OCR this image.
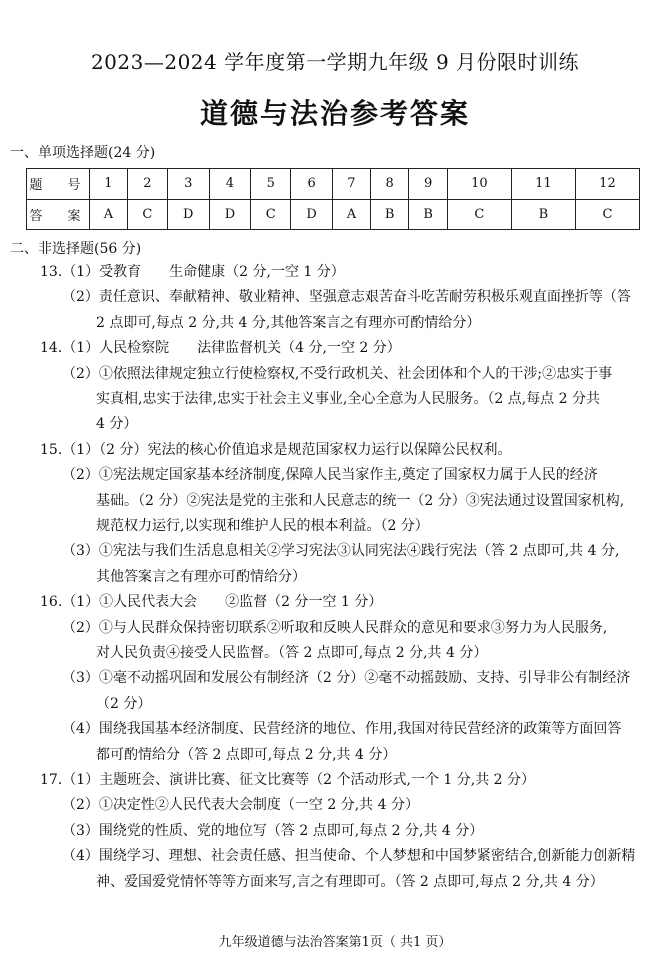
2023—2024 学年度第一学期九年级 9 月份限时训练
道德与法治参考答案
一、单项选择题(24 分)
题　号	1	2	3	4	5	6	7	8	9	10	11	12
答　案	A	C	D	D	C	D	A	B	B	C	B	C
二、非选择题(56 分)
13.（1）受教育　　生命健康（2 分,一空 1 分）
（2）责任意识、奉献精神、敬业精神、坚强意志艰苦奋斗吃苦耐劳积极乐观直面挫折等（答
2 点即可,每点 2 分,共 4 分,其他答案言之有理亦可酌情给分）
14.（1）人民检察院　　法律监督机关（4 分,一空 2 分）
（2）①依照法律规定独立行使检察权,不受行政机关、社会团体和个人的干涉;②忠实于事
实真相,忠实于法律,忠实于社会主义事业,全心全意为人民服务。（2 点,每点 2 分共
4 分）
15.（1）（2 分）宪法的核心价值追求是规范国家权力运行以保障公民权利。
（2）①宪法规定国家基本经济制度,保障人民当家作主,奠定了国家权力属于人民的经济
基础。（2 分）②宪法是党的主张和人民意志的统一（2 分）③宪法通过设置国家机构,
规范权力运行,以实现和维护人民的根本利益。（2 分）
（3）①宪法与我们生活息息相关②学习宪法③认同宪法④践行宪法（答 2 点即可,共 4 分,
其他答案言之有理亦可酌情给分）
16.（1）①人民代表大会　　②监督（2 分一空 1 分）
（2）①与人民群众保持密切联系②听取和反映人民群众的意见和要求③努力为人民服务,
对人民负责④接受人民监督。（答 2 点即可,每点 2 分,共 4 分）
（3）①毫不动摇巩固和发展公有制经济（2 分）②毫不动摇鼓励、支持、引导非公有制经济
（2 分）
（4）围绕我国基本经济制度、民营经济的地位、作用,我国对待民营经济的政策等方面回答
都可酌情给分（答 2 点即可,每点 2 分,共 4 分）
17.（1）主题班会、演讲比赛、征文比赛等（2 个活动形式,一个 1 分,共 2 分）
（2）①决定性②人民代表大会制度（一空 2 分,共 4 分）
（3）围绕党的性质、党的地位写（答 2 点即可,每点 2 分,共 4 分）
（4）围绕学习、理想、社会责任感、担当使命、个人梦想和中国梦紧密结合,创新能力创新精
神、爱国爱党情怀等等方面来写,言之有理即可。（答 2 点即可,每点 2 分,共 4 分）
九年级道德与法治答案第1页（ 共1 页）
